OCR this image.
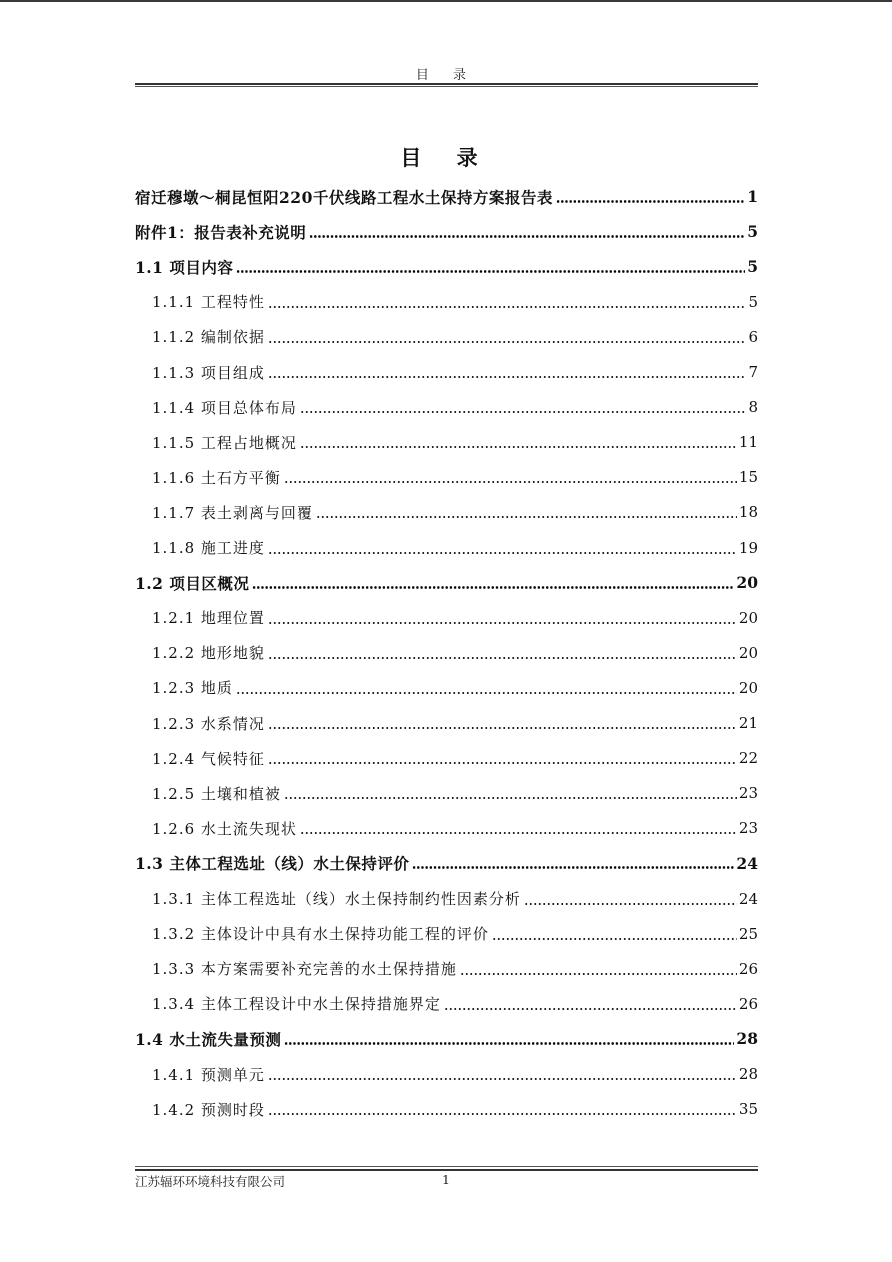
目 录
目 录
宿迁穆墩～桐昆恒阳220千伏线路工程水土保持方案报告表	1
附件1：报告表补充说明	5
1.1 项目内容	5
1.1.1 工程特性	5
1.1.2 编制依据	6
1.1.3 项目组成	7
1.1.4 项目总体布局	8
1.1.5 工程占地概况	11
1.1.6 土石方平衡	15
1.1.7 表土剥离与回覆	18
1.1.8 施工进度	19
1.2 项目区概况	20
1.2.1 地理位置	20
1.2.2 地形地貌	20
1.2.3 地质	20
1.2.3 水系情况	21
1.2.4 气候特征	22
1.2.5 土壤和植被	23
1.2.6 水土流失现状	23
1.3 主体工程选址（线）水土保持评价	24
1.3.1 主体工程选址（线）水土保持制约性因素分析	24
1.3.2 主体设计中具有水土保持功能工程的评价	25
1.3.3 本方案需要补充完善的水土保持措施	26
1.3.4 主体工程设计中水土保持措施界定	26
1.4 水土流失量预测	28
1.4.1 预测单元	28
1.4.2 预测时段	35
江苏辐环环境科技有限公司	1
